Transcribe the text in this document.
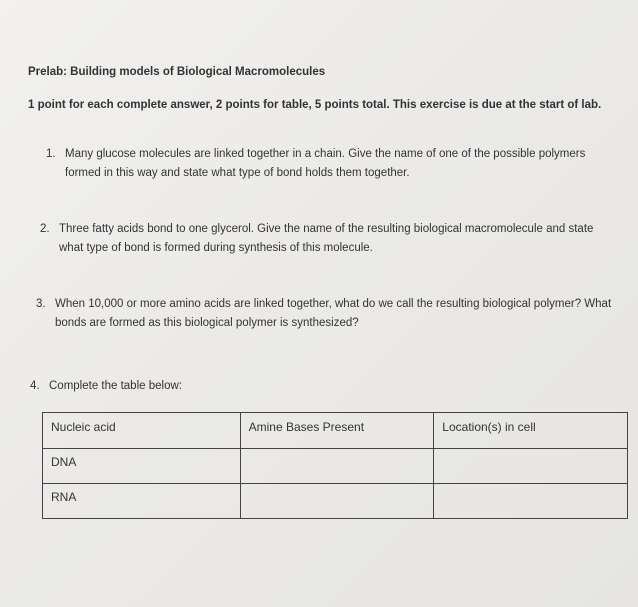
Prelab: Building models of Biological Macromolecules
1 point for each complete answer, 2 points for table, 5 points total. This exercise is due at the start of lab.
1. Many glucose molecules are linked together in a chain. Give the name of one of the possible polymers formed in this way and state what type of bond holds them together.
2. Three fatty acids bond to one glycerol. Give the name of the resulting biological macromolecule and state what type of bond is formed during synthesis of this molecule.
3. When 10,000 or more amino acids are linked together, what do we call the resulting biological polymer? What bonds are formed as this biological polymer is synthesized?
4. Complete the table below:
Nucleic acid	Amine Bases Present	Location(s) in cell
DNA		
RNA		
